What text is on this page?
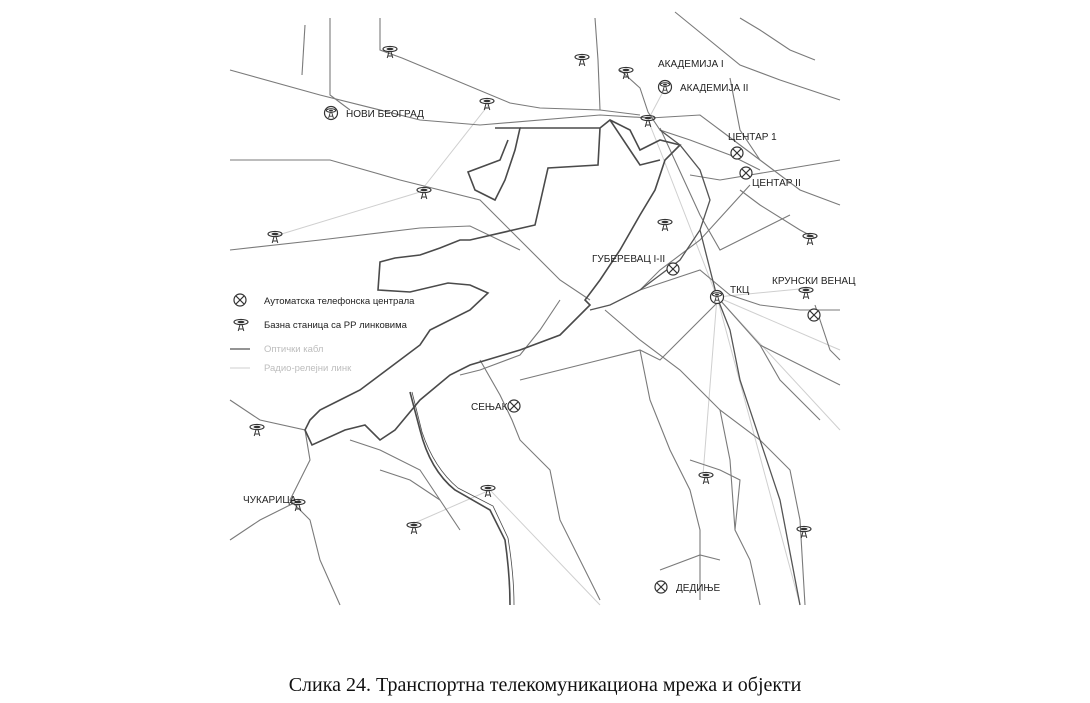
НОВИ БЕОГРАД
АКАДЕМИЈА I
АКАДЕМИЈА II
ЦЕНТАР 1
ЦЕНТАР II
ГУБЕРЕВАЦ I-II
ТКЦ
КРУНСКИ ВЕНАЦ
СЕЊАК
ЧУКАРИЦА
ДЕДИЊЕ
Аутоматска телефонска централа
Базна станица са РР линковима
Оптички кабл
Радио-релејни линк

Слика 24. Транспортна телекомуникациона мрежа и објекти
